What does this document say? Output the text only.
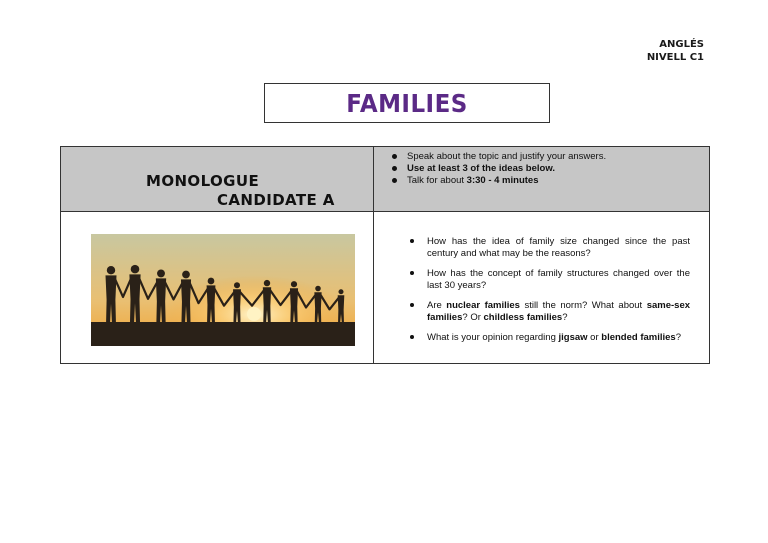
ANGLÉS
NIVELL C1
FAMILIES
MONOLOGUE
CANDIDATE A
Speak about the topic and justify your answers.
Use at least 3 of the ideas below.
Talk for about 3:30 - 4 minutes
How has the idea of family size changed since the past century and what may be the reasons?
How has the concept of family structures changed over the last 30 years?
Are nuclear families still the norm? What about same-sex families? Or childless families?
What is your opinion regarding jigsaw or blended families?
